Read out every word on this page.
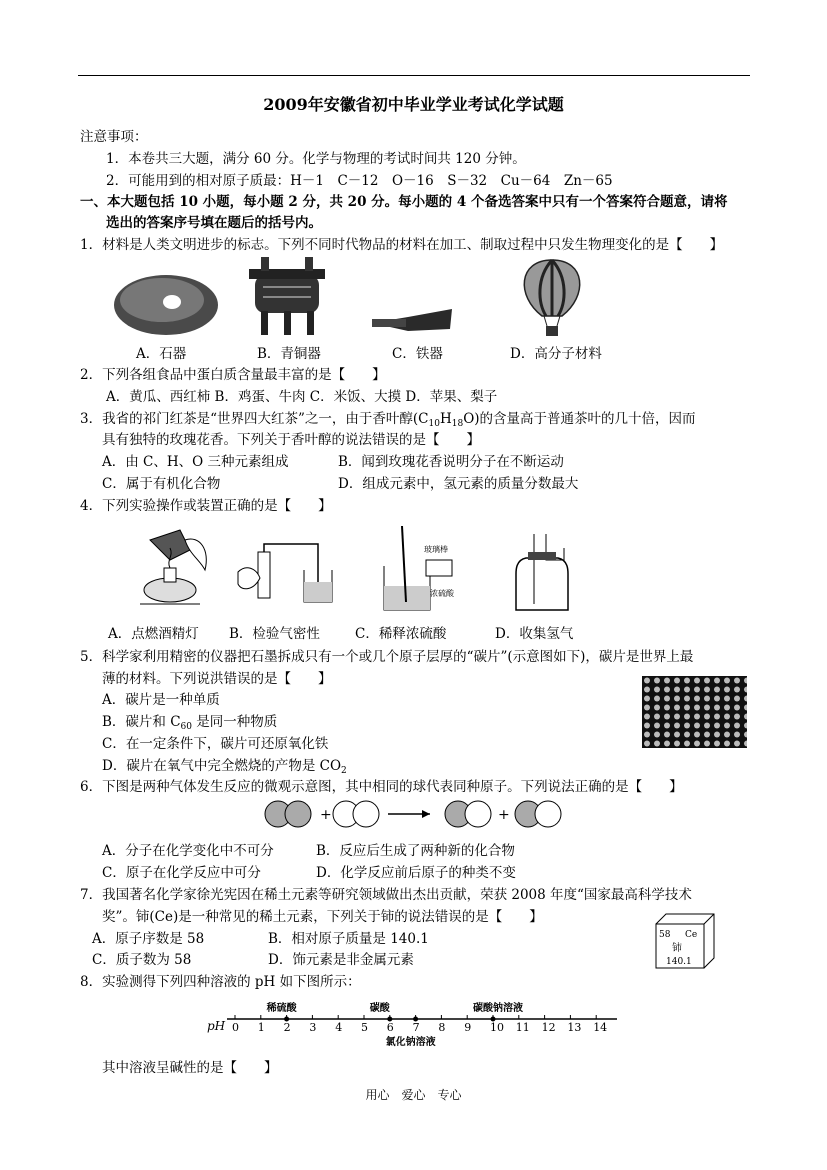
2009年安徽省初中毕业学业考试化学试题
注意事项：
1．本卷共三大题，满分 60 分。化学与物理的考试时间共 120 分钟。
2．可能用到的相对原子质最：H－1　C－12　O－16　S－32　Cu－64　Zn－65
一、本大题包括 10 小题，每小题 2 分，共 20 分。每小题的 4 个备选答案中只有一个答案符合题意，请将
选出的答案序号填在题后的括号内。
1．材料是人类文明进步的标志。下列不同时代物品的材料在加工、制取过程中只发生物理变化的是【　　】
A．石器	B．青铜器	C．铁器	D．高分子材料
2．下列各组食品中蛋白质含量最丰富的是【　　】
A．黄瓜、西红柿 B．鸡蛋、牛肉 C．米饭、大摸 D．苹果、梨子
3．我省的祁门红茶是“世界四大红茶”之一，由于香叶醇$(C_{10}H_{18}O)$的含量高于普通茶叶的几十倍，因而
具有独特的玫瑰花香。下列关于香叶醇的说法错误的是【　　】
A．由 C、H、O 三种元素组成	B．闻到玫瑰花香说明分子在不断运动
C．属于有机化合物	D．组成元素中，氢元素的质量分数最大
4．下列实验操作或装置正确的是【　　】
玻璃棒
浓硫酸
A．点燃酒精灯 B．检验气密性	C．稀释浓硫酸	D．收集氢气
5．科学家利用精密的仪器把石墨拆成只有一个或几个原子层厚的“碳片”(示意图如下)，碳片是世界上最
薄的材料。下列说洪错误的是【　　】
A．碳片是一种单质
B．碳片和 $C_{60}$ 是同一种物质
C．在一定条件下，碳片可还原氧化铁
D．碳片在氧气中完全燃烧的产物是 $CO_2$
6．下图是两种气体发生反应的微观示意图，其中相同的球代表同种原子。下列说法正确的是【　　】
+	+
A．分子在化学变化中不可分	B．反应后生成了两种新的化合物
C．原子在化学反应中可分	D．化学反应前后原子的种类不变
7．我国著名化学家徐光宪因在稀土元素等研究领域做出杰出贡献，荣获 2008 年度“国家最高科学技术
奖”。铈(Ce)是一种常见的稀土元素，下列关于铈的说法错误的是【　　】
A．原子序数是 58	B．相对原子质量是 140.1
C．质子数为 58	D．饰元素是非金属元素
58 Ce
铈
140.1
8．实验测得下列四种溶液的 pH 如下图所示：
pH 0 1 2 3 4 5 6 7 8 9 10 11 12 13 14
稀硫酸	碳酸
氯化钠溶液
碳酸钠溶液
其中溶液呈碱性的是【　　】
用心　爱心　专心
